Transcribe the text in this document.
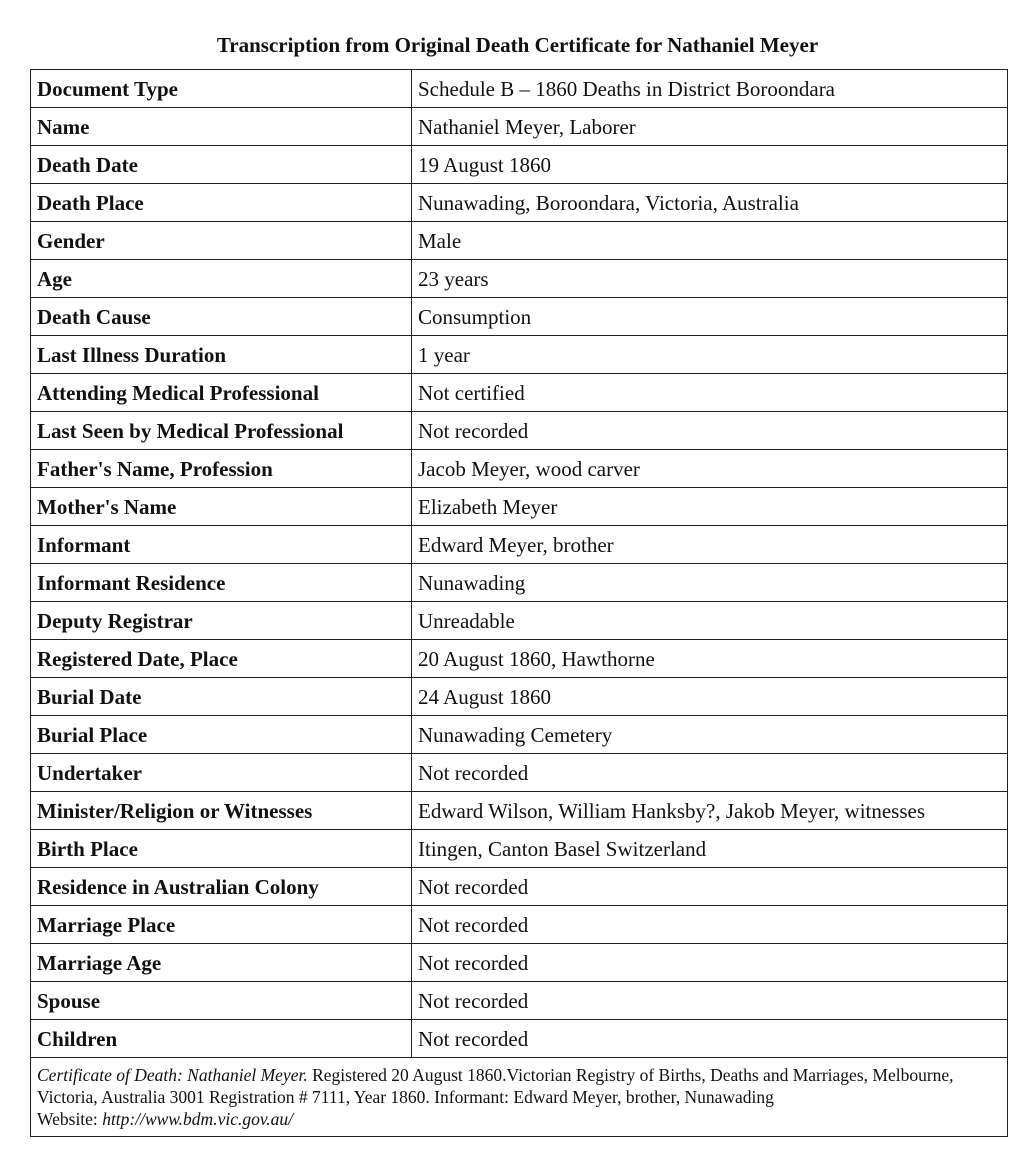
Transcription from Original Death Certificate for Nathaniel Meyer
Document Type	Schedule B – 1860 Deaths in District Boroondara
Name	Nathaniel Meyer, Laborer
Death Date	19 August 1860
Death Place	Nunawading, Boroondara, Victoria, Australia
Gender	Male
Age	23 years
Death Cause	Consumption
Last Illness Duration	1 year
Attending Medical Professional	Not certified
Last Seen by Medical Professional	Not recorded
Father's Name, Profession	Jacob Meyer, wood carver
Mother's Name	Elizabeth Meyer
Informant	Edward Meyer, brother
Informant Residence	Nunawading
Deputy Registrar	Unreadable
Registered Date, Place	20 August 1860, Hawthorne
Burial Date	24 August 1860
Burial Place	Nunawading Cemetery
Undertaker	Not recorded
Minister/Religion or Witnesses	Edward Wilson, William Hanksby?, Jakob Meyer, witnesses
Birth Place	Itingen, Canton Basel Switzerland
Residence in Australian Colony	Not recorded
Marriage Place	Not recorded
Marriage Age	Not recorded
Spouse	Not recorded
Children	Not recorded
Certificate of Death: Nathaniel Meyer. Registered 20 August 1860.Victorian Registry of Births, Deaths and Marriages, Melbourne, Victoria, Australia 3001 Registration # 7111, Year 1860. Informant: Edward Meyer, brother, Nunawading
Website: http://www.bdm.vic.gov.au/	
